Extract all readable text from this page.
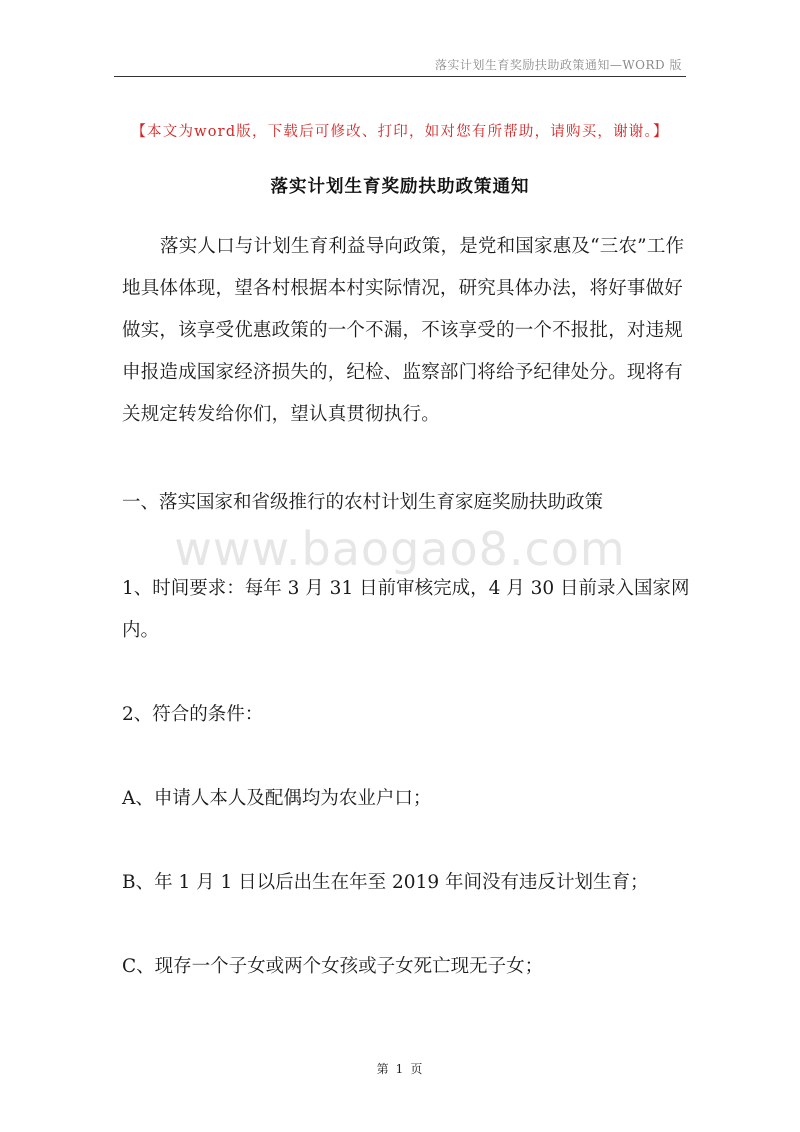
落实计划生育奖励扶助政策通知—WORD 版
【本文为word版，下载后可修改、打印，如对您有所帮助，请购买，谢谢。】
落实计划生育奖励扶助政策通知
落实人口与计划生育利益导向政策，是党和国家惠及“三农”工作地具体体现，望各村根据本村实际情况，研究具体办法，将好事做好做实，该享受优惠政策的一个不漏，不该享受的一个不报批，对违规申报造成国家经济损失的，纪检、监察部门将给予纪律处分。现将有关规定转发给你们，望认真贯彻执行。
一、落实国家和省级推行的农村计划生育家庭奖励扶助政策
www.baogao8.com
1、时间要求：每年 3 月 31 日前审核完成，4 月 30 日前录入国家网内。
2、符合的条件：
A、申请人本人及配偶均为农业户口；
B、年 1 月 1 日以后出生在年至 2019 年间没有违反计划生育；
C、现存一个子女或两个女孩或子女死亡现无子女；
第 1 页
